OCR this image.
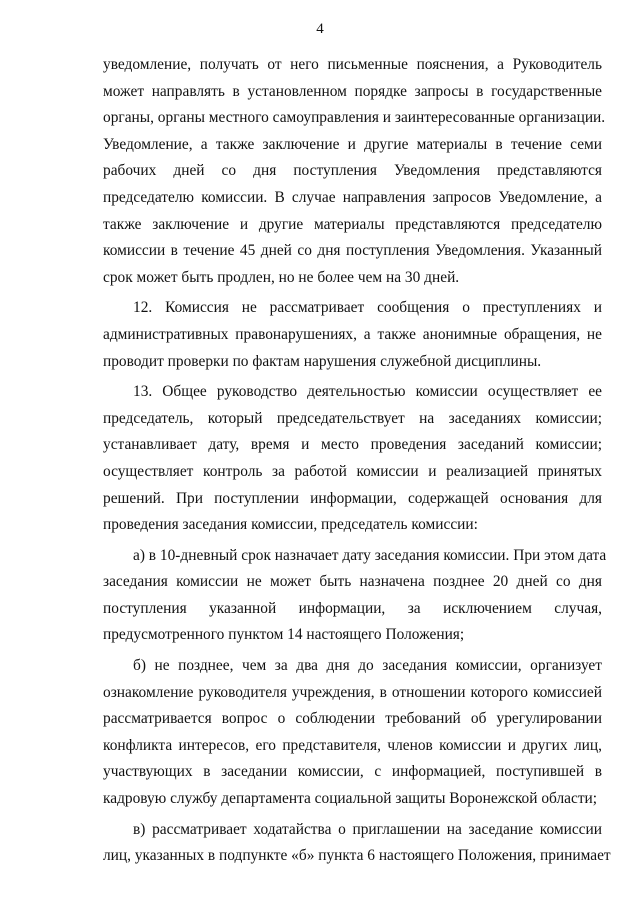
4
уведомление, получать от него письменные пояснения, а Руководитель
может направлять в установленном порядке запросы в государственные
органы, органы местного самоуправления и заинтересованные организации.
Уведомление, а также заключение и другие материалы в течение семи
рабочих дней со дня поступления Уведомления представляются
председателю комиссии. В случае направления запросов Уведомление, а
также заключение и другие материалы представляются председателю
комиссии в течение 45 дней со дня поступления Уведомления. Указанный
срок может быть продлен, но не более чем на 30 дней.
12. Комиссия не рассматривает сообщения о преступлениях и
административных правонарушениях, а также анонимные обращения, не
проводит проверки по фактам нарушения служебной дисциплины.
13. Общее руководство деятельностью комиссии осуществляет ее
председатель, который председательствует на заседаниях комиссии;
устанавливает дату, время и место проведения заседаний комиссии;
осуществляет контроль за работой комиссии и реализацией принятых
решений. При поступлении информации, содержащей основания для
проведения заседания комиссии, председатель комиссии:
а) в 10-дневный срок назначает дату заседания комиссии. При этом дата
заседания комиссии не может быть назначена позднее 20 дней со дня
поступления указанной информации, за исключением случая,
предусмотренного пунктом 14 настоящего Положения;
б) не позднее, чем за два дня до заседания комиссии, организует
ознакомление руководителя учреждения, в отношении которого комиссией
рассматривается вопрос о соблюдении требований об урегулировании
конфликта интересов, его представителя, членов комиссии и других лиц,
участвующих в заседании комиссии, с информацией, поступившей в
кадровую службу департамента социальной защиты Воронежской области;
в) рассматривает ходатайства о приглашении на заседание комиссии
лиц, указанных в подпункте «б» пункта 6 настоящего Положения, принимает
